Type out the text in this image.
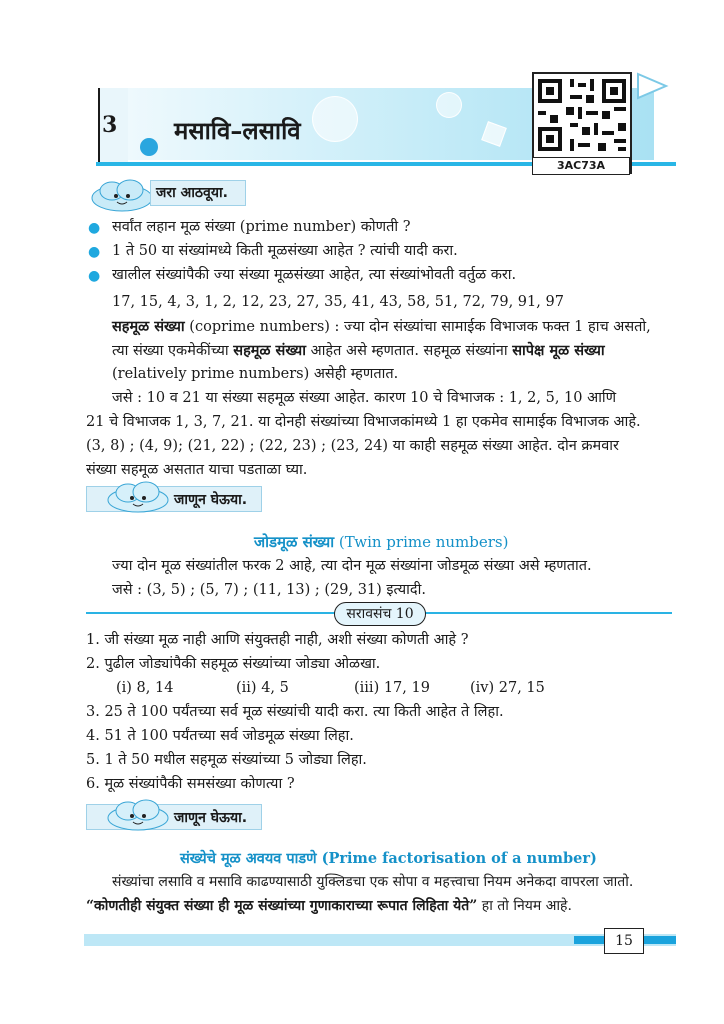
3 मसावि–लसावि
3AC73A
जरा आठवूया.
● सर्वांत लहान मूळ संख्या (prime number) कोणती ?
● 1 ते 50 या संख्यांमध्ये किती मूळसंख्या आहेत ? त्यांची यादी करा.
● खालील संख्यांपैकी ज्या संख्या मूळसंख्या आहेत, त्या संख्यांभोवती वर्तुळ करा.
17, 15, 4, 3, 1, 2, 12, 23, 27, 35, 41, 43, 58, 51, 72, 79, 91, 97
सहमूळ संख्या (coprime numbers) : ज्या दोन संख्यांचा सामाईक विभाजक फक्त 1 हाच असतो,
त्या संख्या एकमेकींच्या सहमूळ संख्या आहेत असे म्हणतात. सहमूळ संख्यांना सापेक्ष मूळ संख्या
(relatively prime numbers) असेही म्हणतात.
जसे : 10 व 21 या संख्या सहमूळ संख्या आहेत. कारण 10 चे विभाजक : 1, 2, 5, 10 आणि
21 चे विभाजक 1, 3, 7, 21. या दोनही संख्यांच्या विभाजकांमध्ये 1 हा एकमेव सामाईक विभाजक आहे.
(3, 8) ; (4, 9); (21, 22) ; (22, 23) ; (23, 24) या काही सहमूळ संख्या आहेत. दोन क्रमवार
संख्या सहमूळ असतात याचा पडताळा घ्या.
जाणून घेऊया.
जोडमूळ संख्या (Twin prime numbers)
ज्या दोन मूळ संख्यांतील फरक 2 आहे, त्या दोन मूळ संख्यांना जोडमूळ संख्या असे म्हणतात.
जसे : (3, 5) ; (5, 7) ; (11, 13) ; (29, 31) इत्यादी.
सरावसंच 10
1. जी संख्या मूळ नाही आणि संयुक्तही नाही, अशी संख्या कोणती आहे ?
2. पुढील जोड्यांपैकी सहमूळ संख्यांच्या जोड्या ओळखा.
(i) 8, 14	(ii) 4, 5	(iii) 17, 19	(iv) 27, 15
3. 25 ते 100 पर्यंतच्या सर्व मूळ संख्यांची यादी करा. त्या किती आहेत ते लिहा.
4. 51 ते 100 पर्यंतच्या सर्व जोडमूळ संख्या लिहा.
5. 1 ते 50 मधील सहमूळ संख्यांच्या 5 जोड्या लिहा.
6. मूळ संख्यांपैकी समसंख्या कोणत्या ?
जाणून घेऊया.
संख्येचे मूळ अवयव पाडणे (Prime factorisation of a number)
संख्यांचा लसावि व मसावि काढण्यासाठी युक्लिडचा एक सोपा व महत्त्वाचा नियम अनेकदा वापरला जातो.
“कोणतीही संयुक्त संख्या ही मूळ संख्यांच्या गुणाकाराच्या रूपात लिहिता येते” हा तो नियम आहे.
15
